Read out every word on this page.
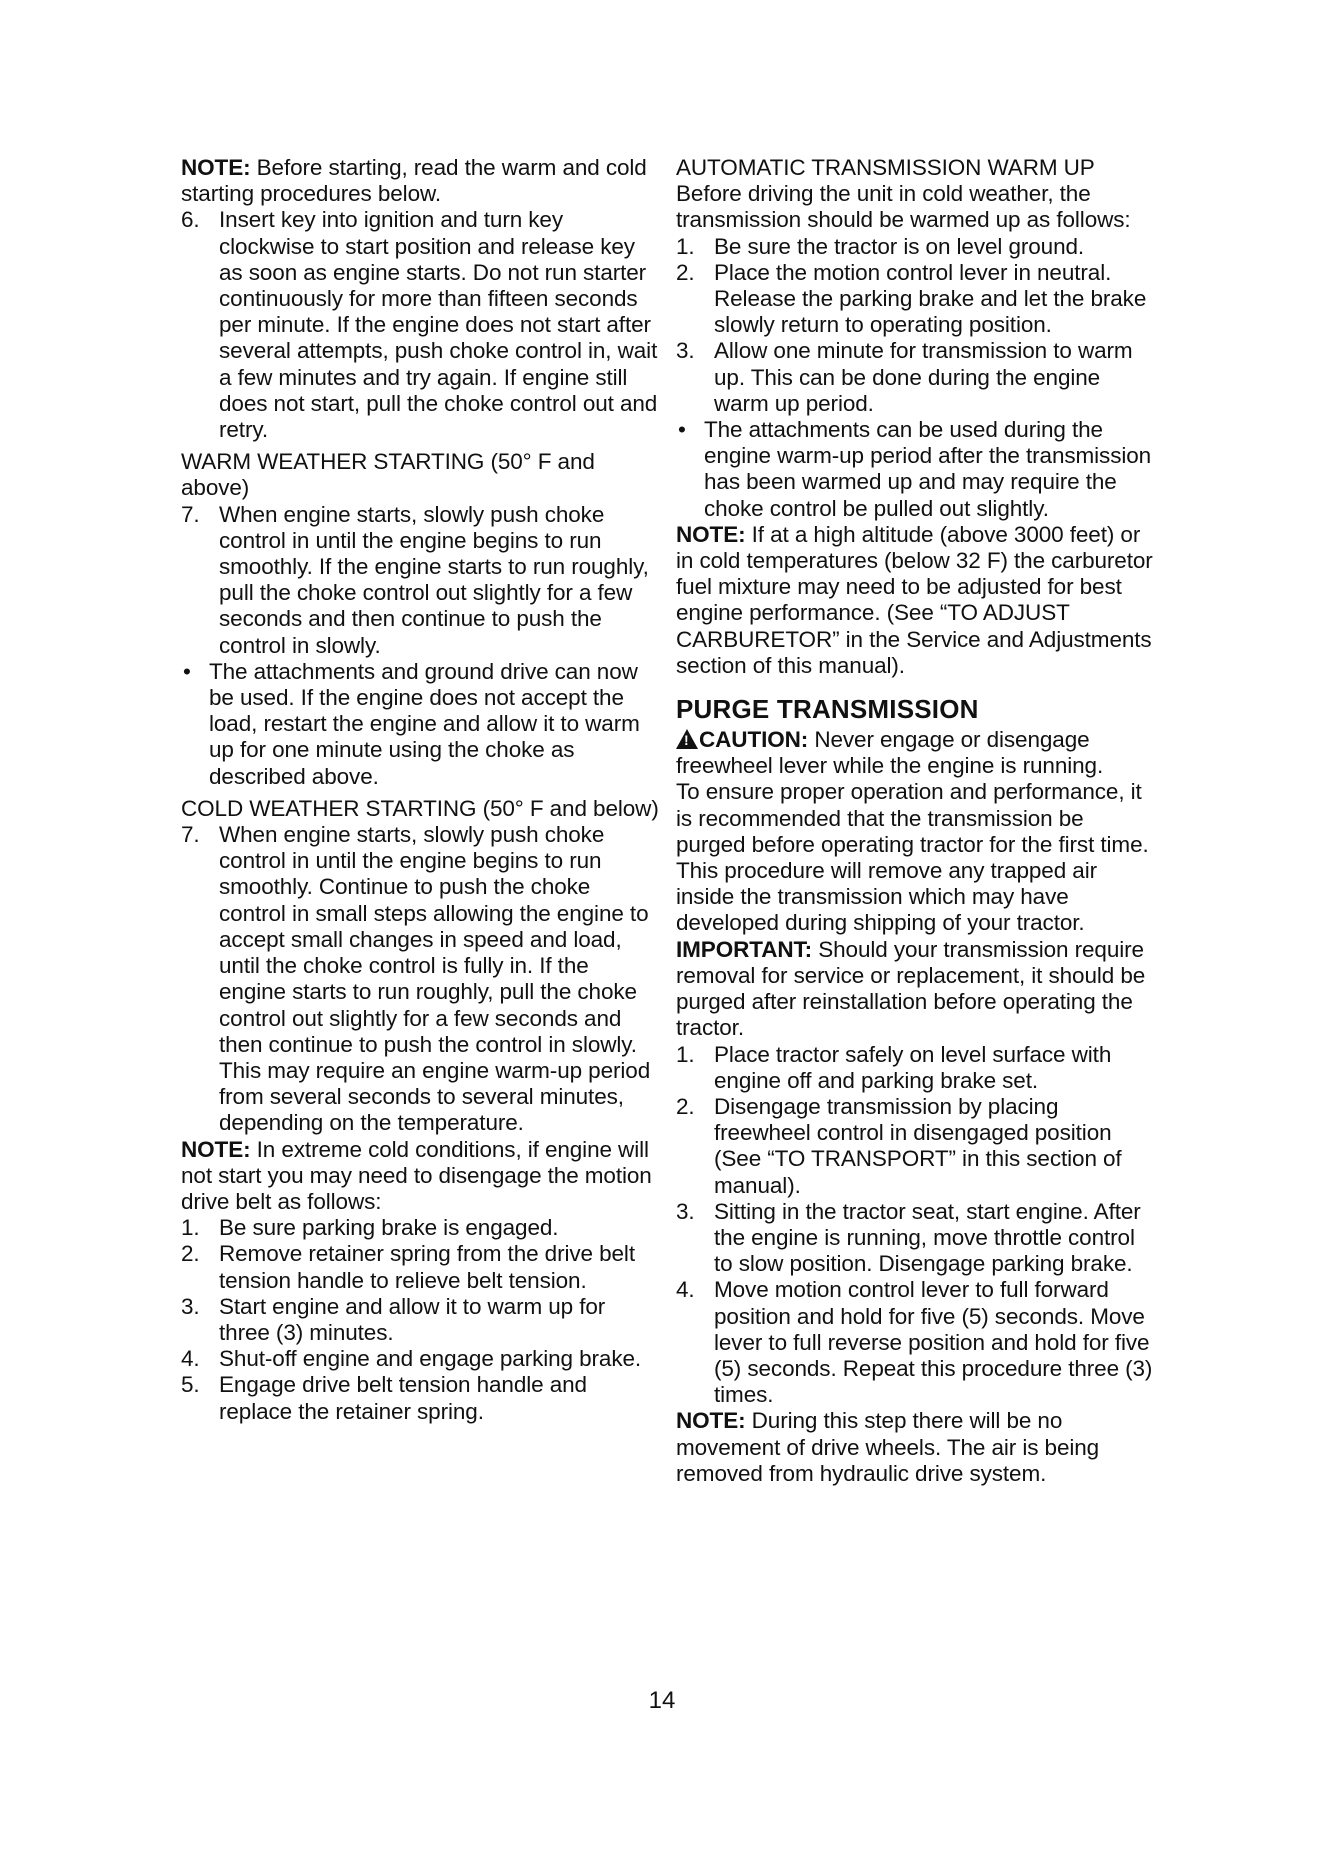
NOTE: Before starting, read the warm and cold starting procedures below.

6. Insert key into ignition and turn key clockwise to start position and release key as soon as engine starts. Do not run starter continuously for more than fifteen seconds per minute. If the engine does not start after several attempts, push choke control in, wait a few minutes and try again. If engine still does not start, pull the choke control out and retry.

WARM WEATHER STARTING (50° F and above)

7. When engine starts, slowly push choke control in until the engine begins to run smoothly. If the engine starts to run roughly, pull the choke control out slightly for a few seconds and then continue to push the control in slowly.
• The attachments and ground drive can now be used. If the engine does not accept the load, restart the engine and allow it to warm up for one minute using the choke as described above.

COLD WEATHER STARTING (50° F and below)

7. When engine starts, slowly push choke control in until the engine begins to run smoothly. Continue to push the choke control in small steps allowing the engine to accept small changes in speed and load, until the choke control is fully in. If the engine starts to run roughly, pull the choke control out slightly for a few seconds and then continue to push the control in slowly. This may require an engine warm-up period from several seconds to several minutes, depending on the temperature.

NOTE: In extreme cold conditions, if engine will not start you may need to disengage the motion drive belt as follows:

1. Be sure parking brake is engaged.
2. Remove retainer spring from the drive belt tension handle to relieve belt tension.
3. Start engine and allow it to warm up for three (3) minutes.
4. Shut-off engine and engage parking brake.
5. Engage drive belt tension handle and replace the retainer spring.

AUTOMATIC TRANSMISSION WARM UP

Before driving the unit in cold weather, the transmission should be warmed up as follows:

1. Be sure the tractor is on level ground.
2. Place the motion control lever in neutral. Release the parking brake and let the brake slowly return to operating position.
3. Allow one minute for transmission to warm up. This can be done during the engine warm up period.
• The attachments can be used during the engine warm-up period after the transmission has been warmed up and may require the choke control be pulled out slightly.

NOTE: If at a high altitude (above 3000 feet) or in cold temperatures (below 32 F) the carburetor fuel mixture may need to be adjusted for best engine performance. (See “TO ADJUST CARBURETOR” in the Service and Adjustments section of this manual).

PURGE TRANSMISSION

!CAUTION: Never engage or disengage freewheel lever while the engine is running.

To ensure proper operation and performance, it is recommended that the transmission be purged before operating tractor for the first time. This procedure will remove any trapped air inside the transmission which may have developed during shipping of your tractor.

IMPORTANT: Should your transmission require removal for service or replacement, it should be purged after reinstallation before operating the tractor.

1. Place tractor safely on level surface with engine off and parking brake set.
2. Disengage transmission by placing freewheel control in disengaged position (See “TO TRANSPORT” in this section of manual).
3. Sitting in the tractor seat, start engine. After the engine is running, move throttle control to slow position. Disengage parking brake.
4. Move motion control lever to full forward position and hold for five (5) seconds. Move lever to full reverse position and hold for five (5) seconds. Repeat this procedure three (3) times.

NOTE: During this step there will be no movement of drive wheels. The air is being removed from hydraulic drive system.

14
